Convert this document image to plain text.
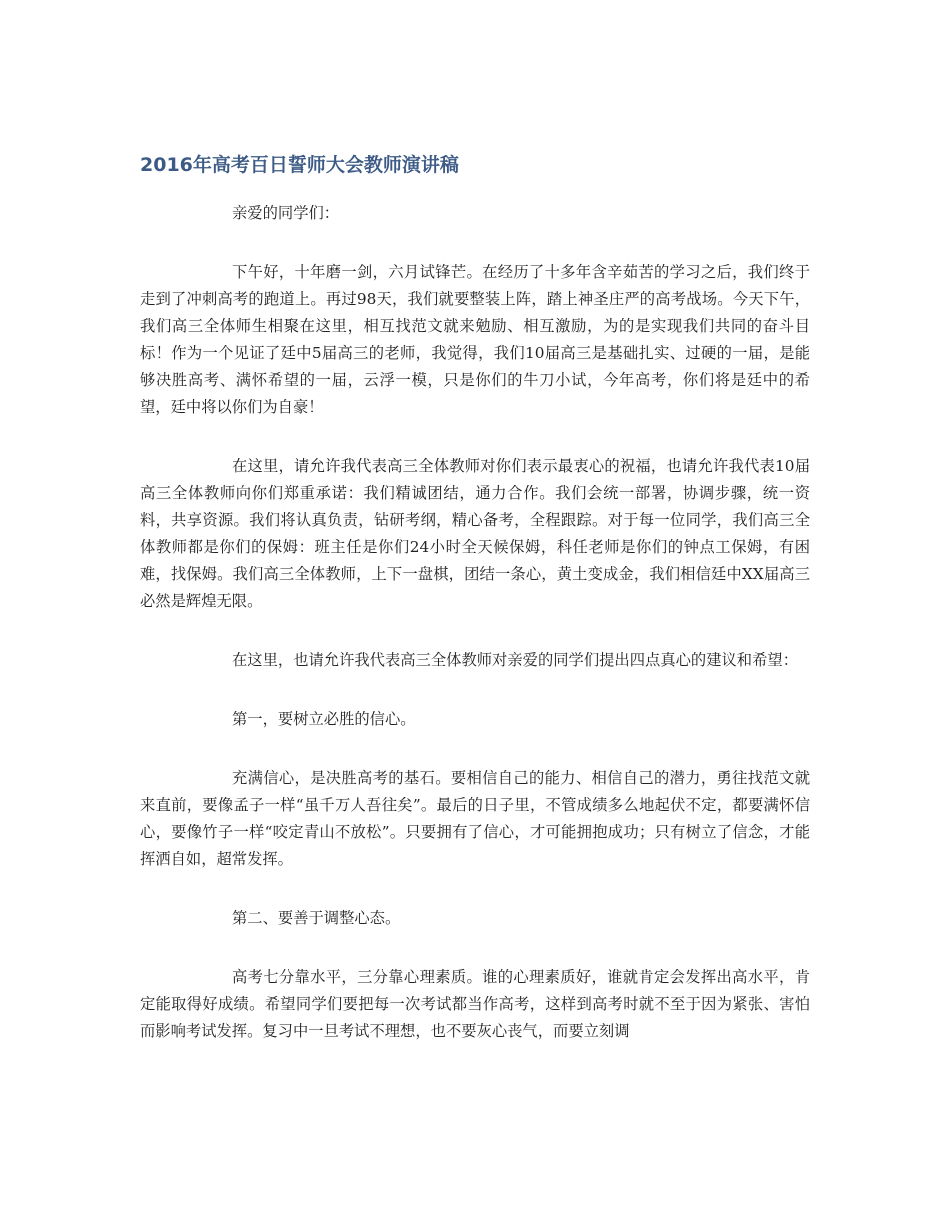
2016年高考百日誓师大会教师演讲稿

亲爱的同学们：

下午好，十年磨一剑，六月试锋芒。在经历了十多年含辛茹苦的学习之后，我们终于走到了冲刺高考的跑道上。再过98天，我们就要整装上阵，踏上神圣庄严的高考战场。今天下午，我们高三全体师生相聚在这里，相互找范文就来勉励、相互激励，为的是实现我们共同的奋斗目标！作为一个见证了廷中5届高三的老师，我觉得，我们10届高三是基础扎实、过硬的一届，是能够决胜高考、满怀希望的一届，云浮一模，只是你们的牛刀小试，今年高考，你们将是廷中的希望，廷中将以你们为自豪！

在这里，请允许我代表高三全体教师对你们表示最衷心的祝福，也请允许我代表10届高三全体教师向你们郑重承诺：我们精诚团结，通力合作。我们会统一部署，协调步骤，统一资料，共享资源。我们将认真负责，钻研考纲，精心备考，全程跟踪。对于每一位同学，我们高三全体教师都是你们的保姆：班主任是你们24小时全天候保姆，科任老师是你们的钟点工保姆，有困难，找保姆。我们高三全体教师，上下一盘棋，团结一条心，黄土变成金，我们相信廷中XX届高三必然是辉煌无限。

在这里，也请允许我代表高三全体教师对亲爱的同学们提出四点真心的建议和希望：

第一，要树立必胜的信心。

充满信心，是决胜高考的基石。要相信自己的能力、相信自己的潜力，勇往找范文就来直前，要像孟子一样“虽千万人吾往矣”。最后的日子里，不管成绩多么地起伏不定，都要满怀信心，要像竹子一样“咬定青山不放松”。只要拥有了信心，才可能拥抱成功；只有树立了信念，才能挥洒自如，超常发挥。

第二、要善于调整心态。

高考七分靠水平，三分靠心理素质。谁的心理素质好，谁就肯定会发挥出高水平，肯定能取得好成绩。希望同学们要把每一次考试都当作高考，这样到高考时就不至于因为紧张、害怕而影响考试发挥。复习中一旦考试不理想，也不要灰心丧气，而要立刻调
